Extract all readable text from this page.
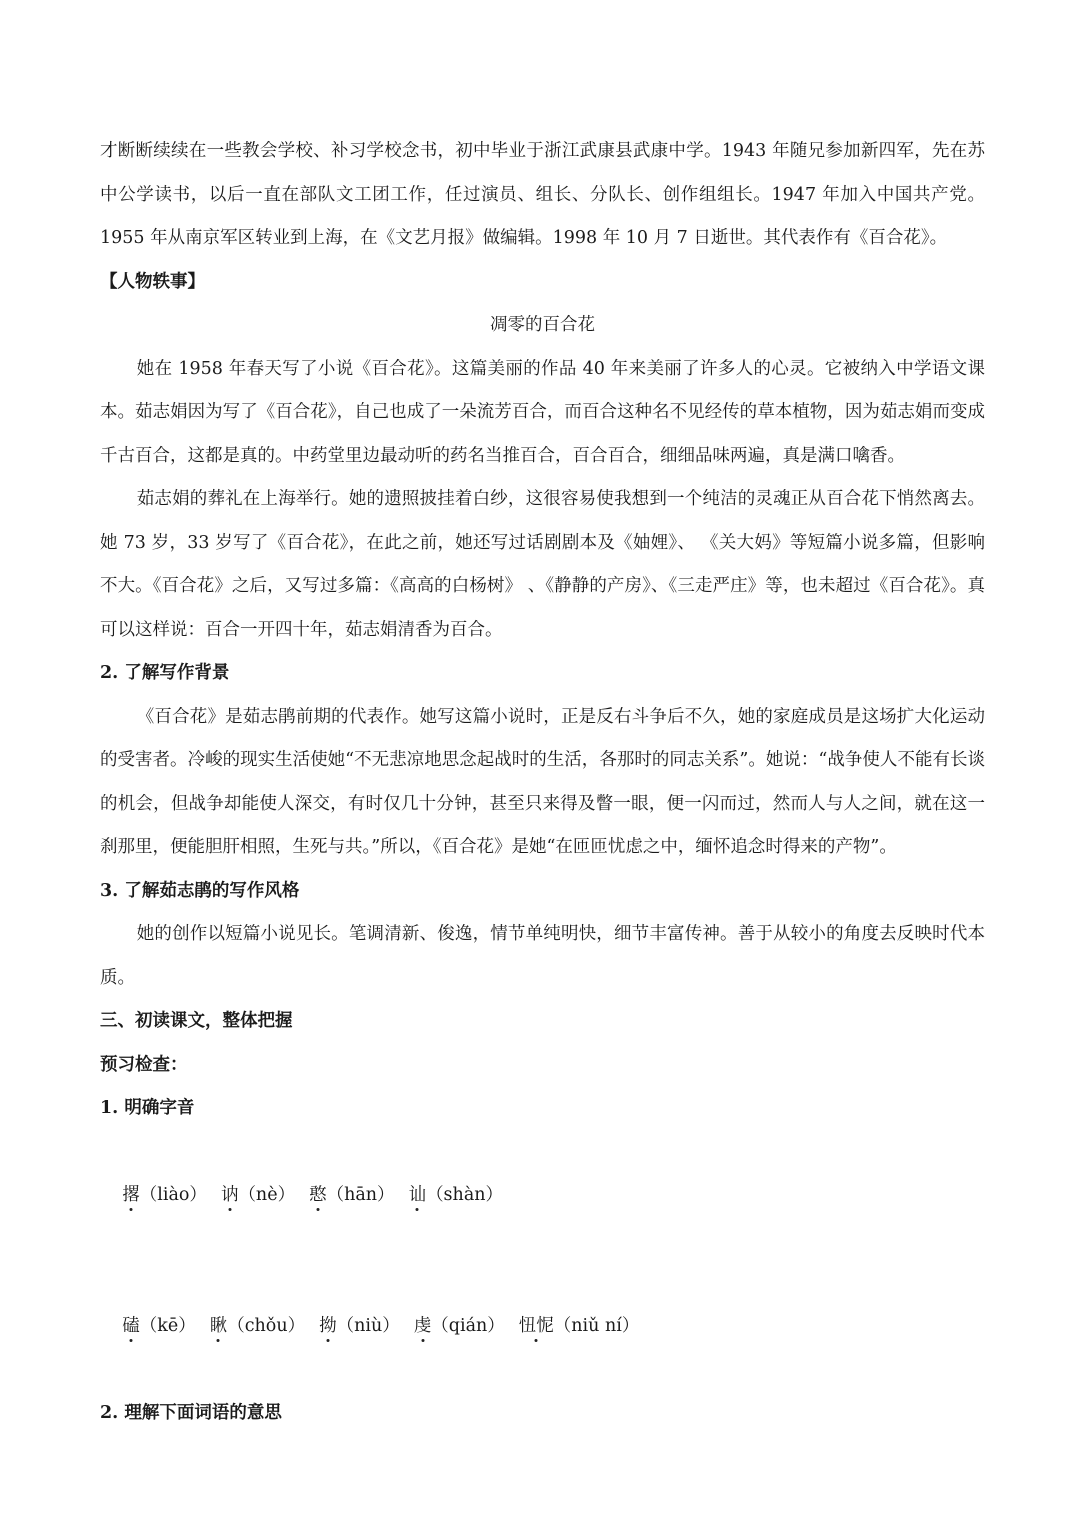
才断断续续在一些教会学校、补习学校念书，初中毕业于浙江武康县武康中学。1943 年随兄参加新四军，先在苏中公学读书，以后一直在部队文工团工作，任过演员、组长、分队长、创作组组长。1947 年加入中国共产党。1955 年从南京军区转业到上海，在《文艺月报》做编辑。1998 年 10 月 7 日逝世。其代表作有《百合花》。

【人物轶事】

凋零的百合花

她在 1958 年春天写了小说《百合花》。这篇美丽的作品 40 年来美丽了许多人的心灵。它被纳入中学语文课本。茹志娟因为写了《百合花》，自己也成了一朵流芳百合，而百合这种名不见经传的草本植物，因为茹志娟而变成千古百合，这都是真的。中药堂里边最动听的药名当推百合，百合百合，细细品味两遍，真是满口噙香。

茹志娟的葬礼在上海举行。她的遗照披挂着白纱，这很容易使我想到一个纯洁的灵魂正从百合花下悄然离去。她 73 岁，33 岁写了《百合花》，在此之前，她还写过话剧剧本及《妯娌》、 《关大妈》等短篇小说多篇，但影响不大。《百合花》之后，又写过多篇：《高高的白杨树》 、《静静的产房》、《三走严庄》等，也未超过《百合花》。真可以这样说：百合一开四十年，茹志娟清香为百合。

2. 了解写作背景

《百合花》是茹志鹃前期的代表作。她写这篇小说时，正是反右斗争后不久，她的家庭成员是这场扩大化运动的受害者。冷峻的现实生活使她“不无悲凉地思念起战时的生活，各那时的同志关系”。她说：“战争使人不能有长谈的机会，但战争却能使人深交，有时仅几十分钟，甚至只来得及瞥一眼，便一闪而过，然而人与人之间，就在这一刹那里，便能胆肝相照，生死与共。”所以，《百合花》是她“在匝匝忧虑之中，缅怀追念时得来的产物”。

3. 了解茹志鹃的写作风格

她的创作以短篇小说见长。笔调清新、俊逸，情节单纯明快，细节丰富传神。善于从较小的角度去反映时代本质。

三、初读课文，整体把握

预习检查：

1. 明确字音

撂（liào） 讷（nè） 憨（hān） 讪（shàn）

磕（kē） 瞅（chǒu） 拗（niù） 虔（qián） 忸怩（niǔ ní）

2. 理解下面词语的意思
